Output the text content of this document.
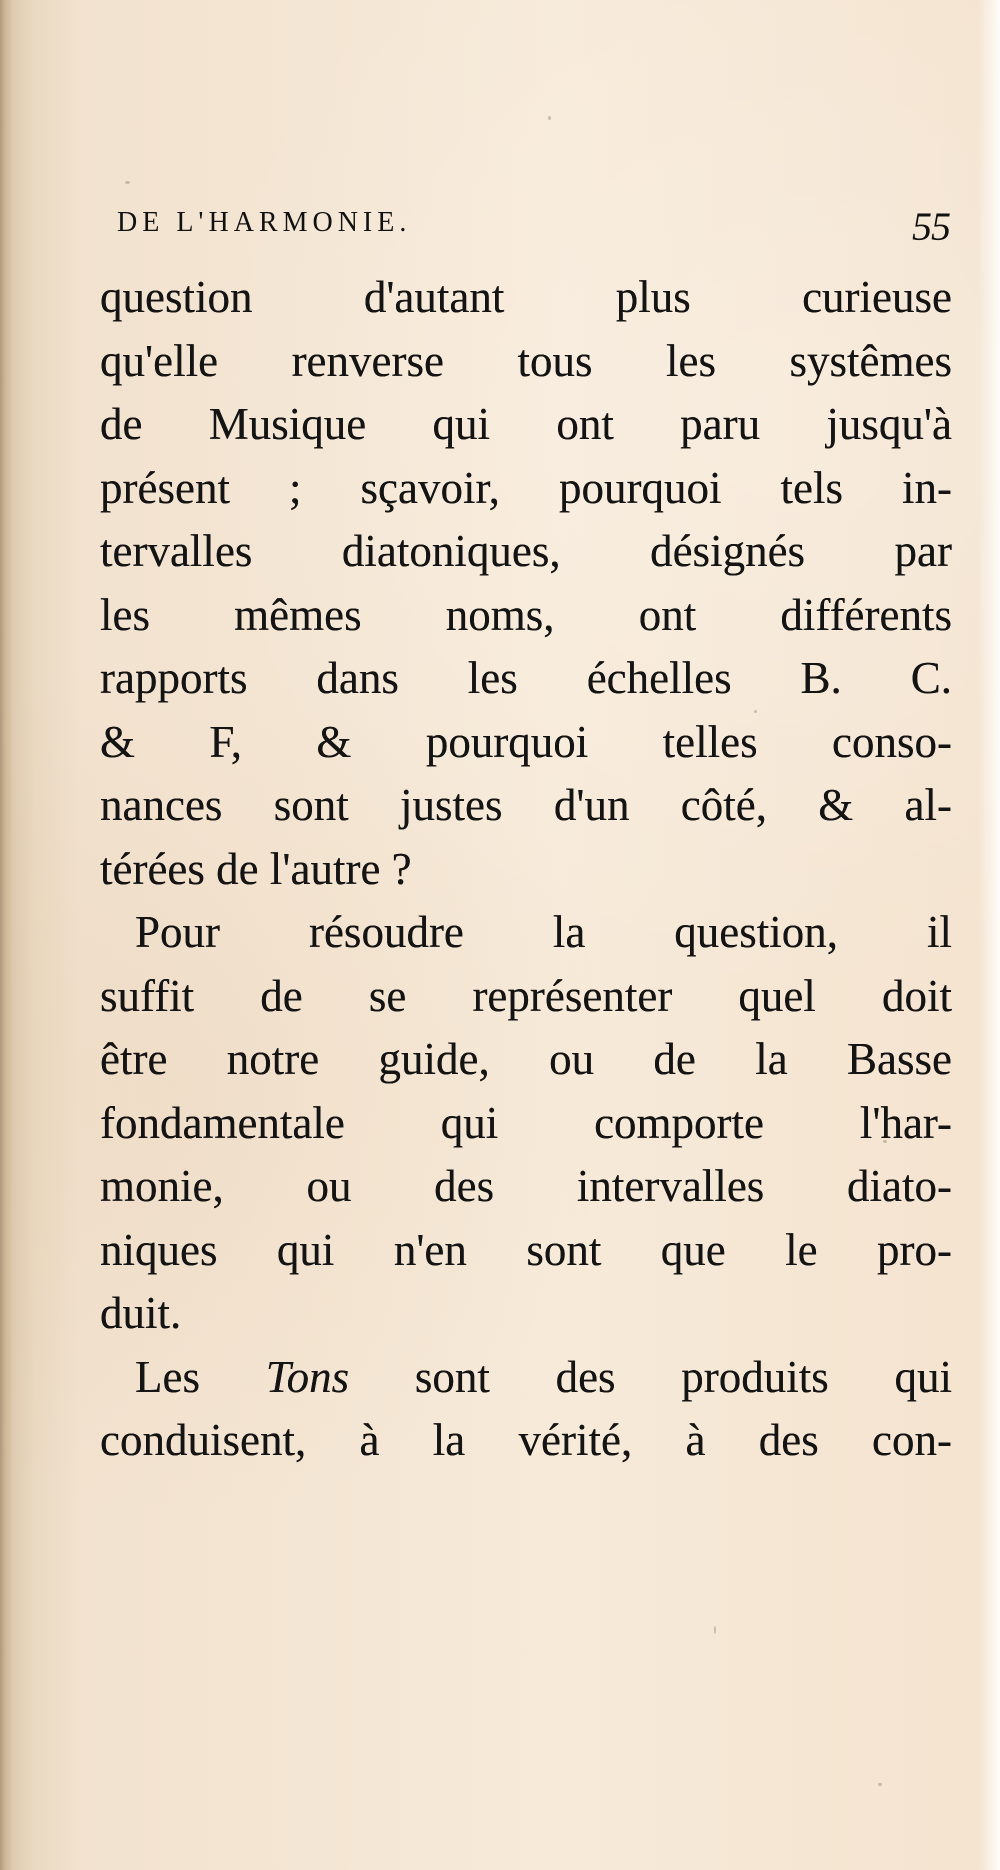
DE L'HARMONIE.	55
question d'autant plus curieuse
qu'elle renverse tous les systêmes
de Musique qui ont paru jusqu'à
présent ; sçavoir, pourquoi tels in-
tervalles diatoniques, désignés par
les mêmes noms, ont différents
rapports dans les échelles B. C.
& F, & pourquoi telles conso-
nances sont justes d'un côté, & al-
térées de l'autre ?
Pour résoudre la question, il
suffit de se représenter quel doit
être notre guide, ou de la Basse
fondamentale qui comporte l'har-
monie, ou des intervalles diato-
niques qui n'en sont que le pro-
duit.
Les Tons sont des produits qui
conduisent, à la vérité, à des con-
